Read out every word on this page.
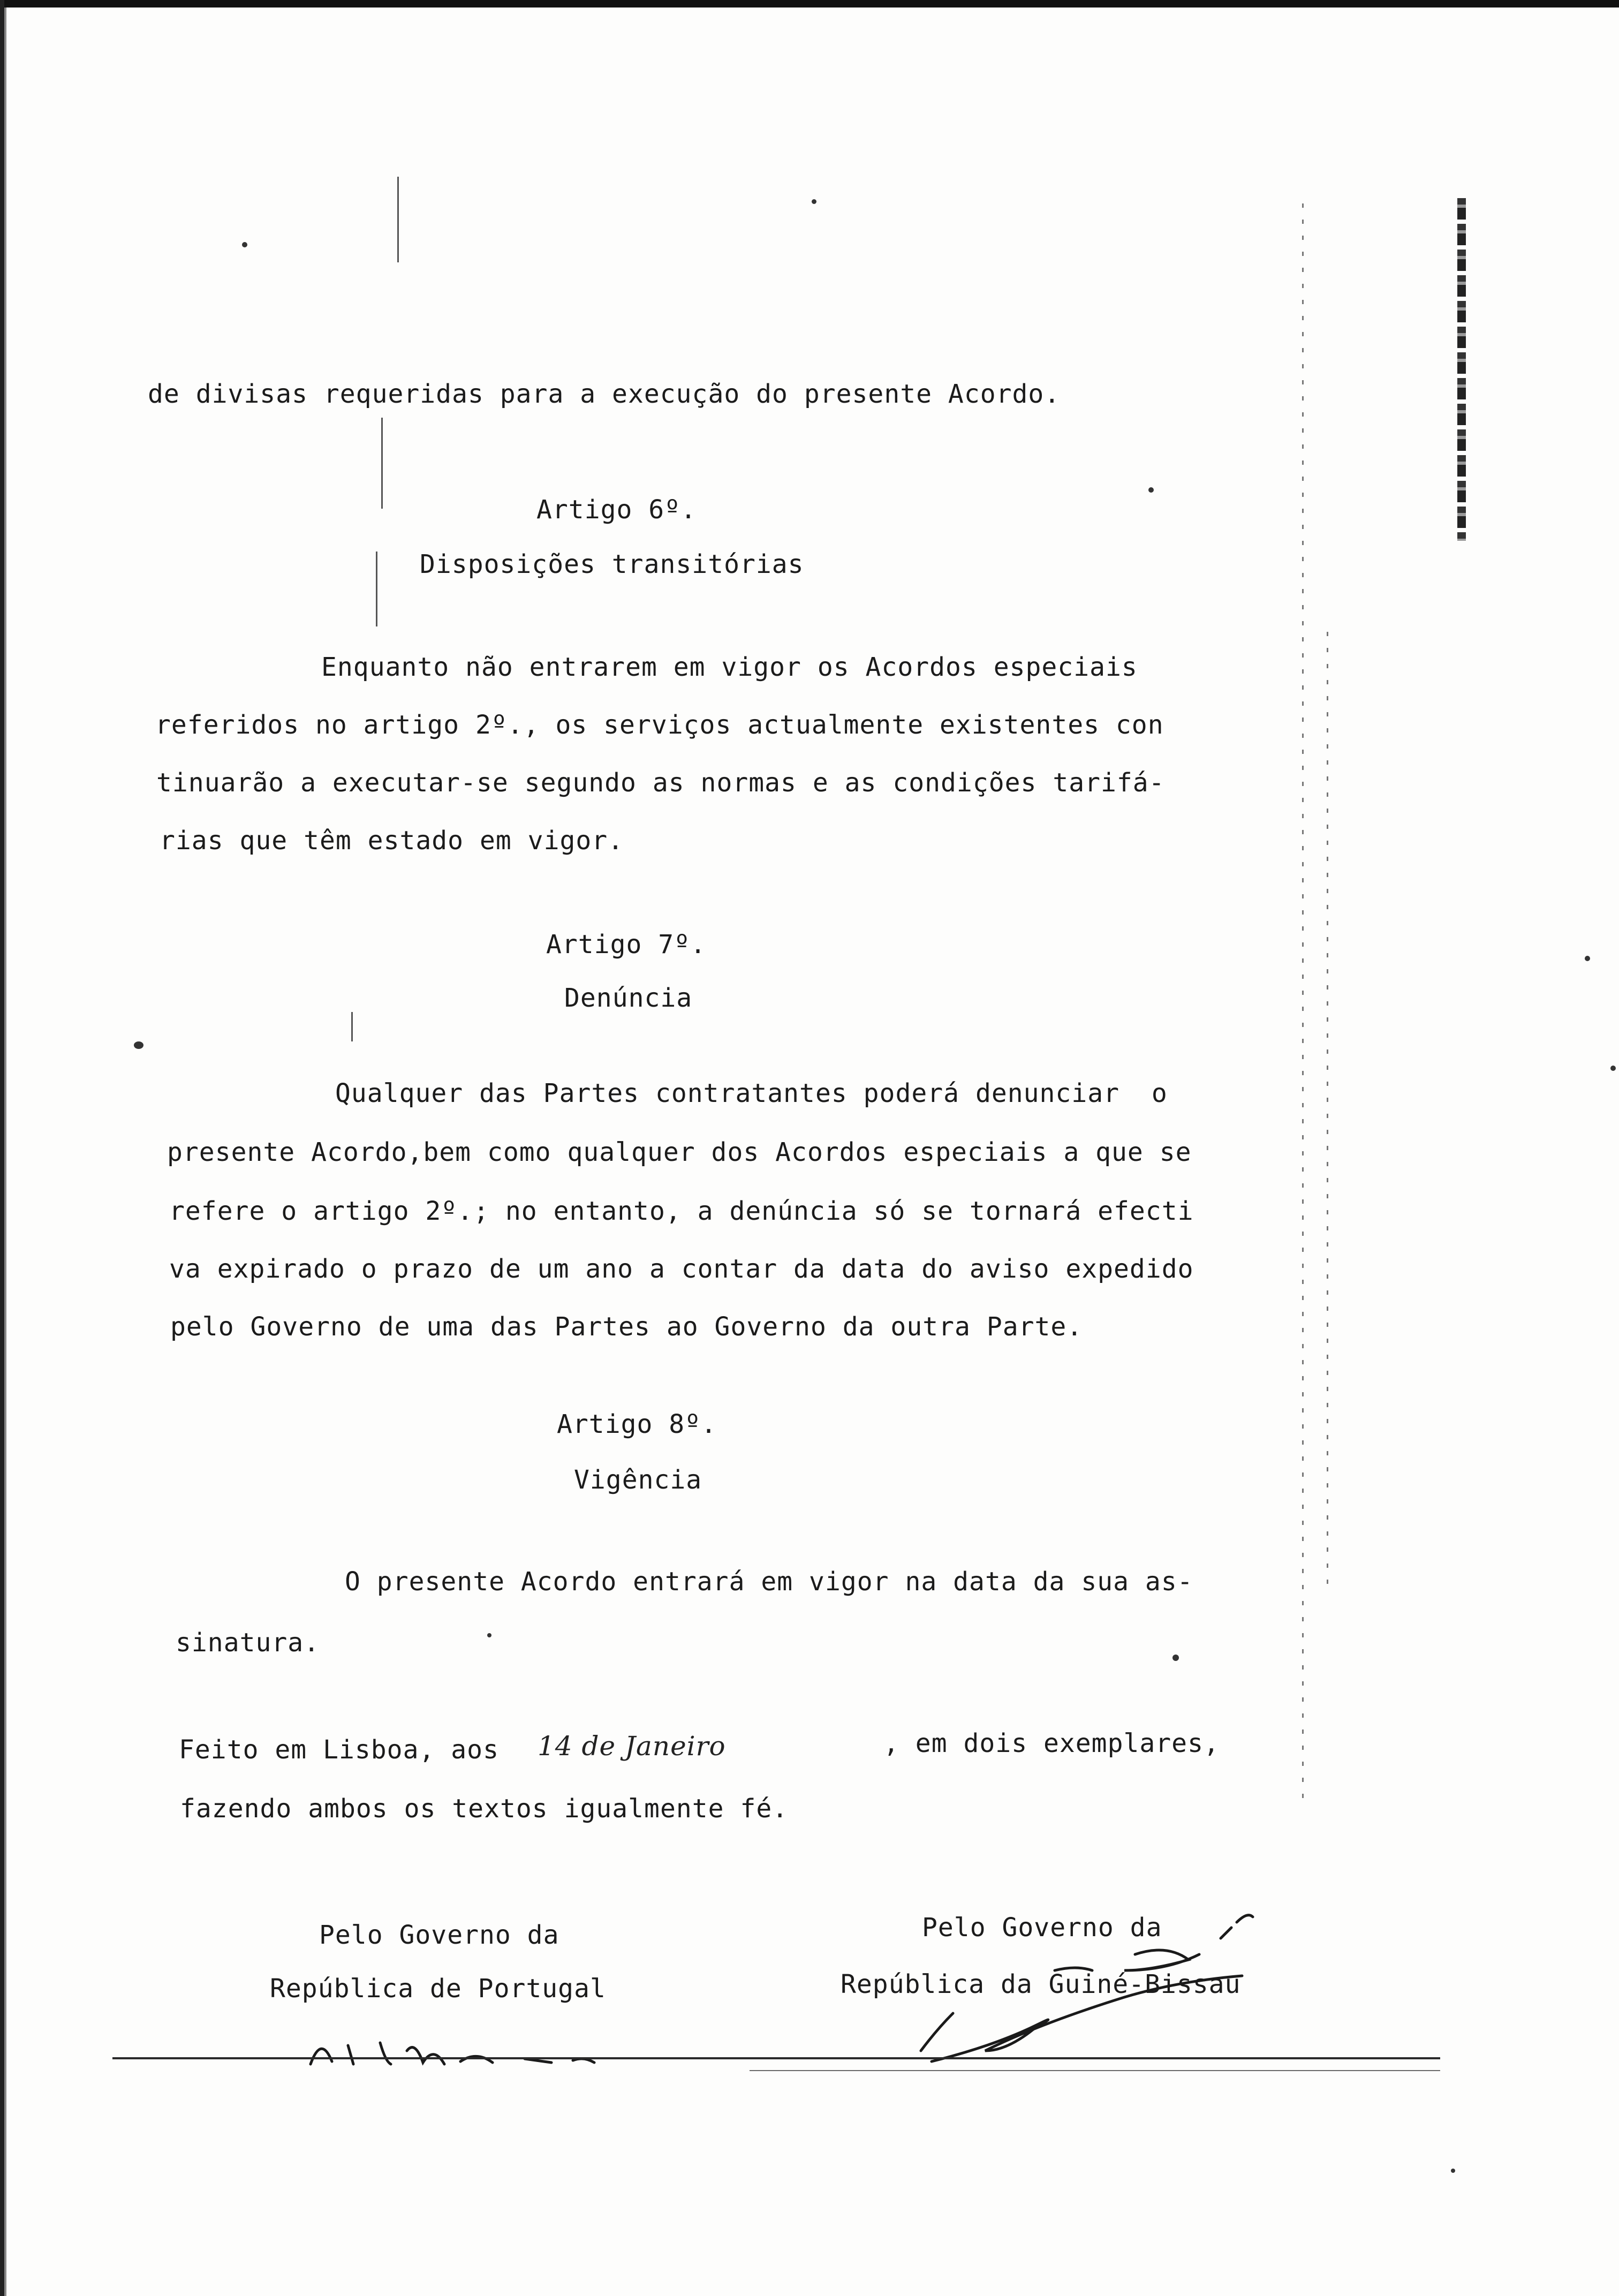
de divisas requeridas para a execução do presente Acordo.
Artigo 6º.
Disposições transitórias
Enquanto não entrarem em vigor os Acordos especiais
referidos no artigo 2º., os serviços actualmente existentes con
tinuarão a executar-se segundo as normas e as condições tarifá-
rias que têm estado em vigor.
Artigo 7º.
Denúncia
Qualquer das Partes contratantes poderá denunciar  o
presente Acordo,bem como qualquer dos Acordos especiais a que se
refere o artigo 2º.; no entanto, a denúncia só se tornará efecti
va expirado o prazo de um ano a contar da data do aviso expedido
pelo Governo de uma das Partes ao Governo da outra Parte.
Artigo 8º.
Vigência
O presente Acordo entrará em vigor na data da sua as-
sinatura.
Feito em Lisboa, aos 14 de Janeiro	, em dois exemplares,
fazendo ambos os textos igualmente fé.
Pelo Governo da
República de Portugal
Pelo Governo da
República da Guiné-Bissau
